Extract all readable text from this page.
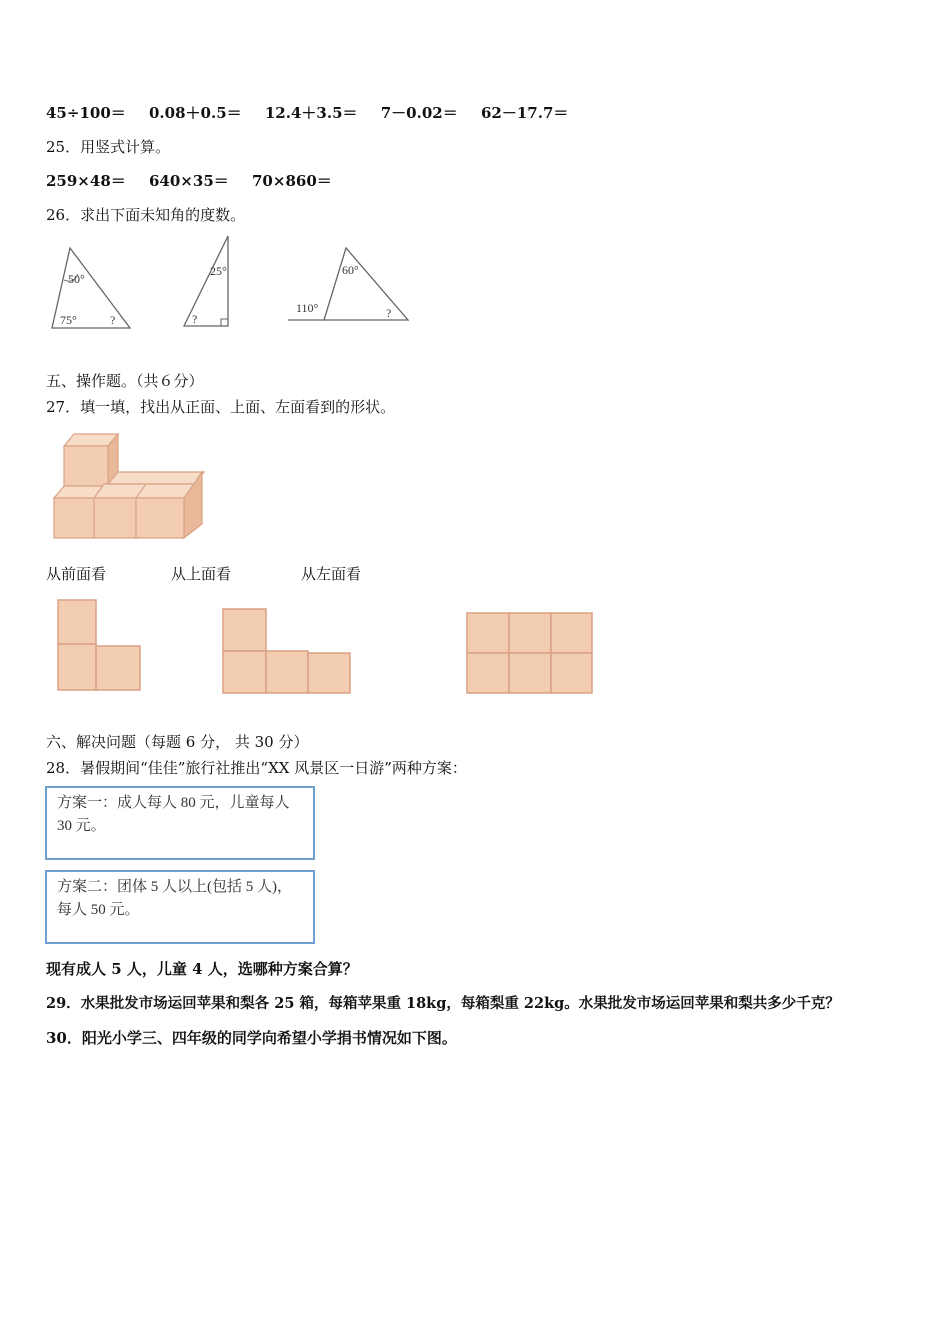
45÷100＝ 0.08＋0.5＝ 12.4＋3.5＝ 7－0.02＝ 62－17.7＝
25．用竖式计算。
259×48＝ 640×35＝ 70×860＝
26．求出下面未知角的度数。
50°
75°	?
25°
?
60°
110°	?
五、操作题。（共６分）
27．填一填，找出从正面、上面、左面看到的形状。
从前面看	从上面看	从左面看
六、解决问题（每题 6 分， 共 30 分）
28．暑假期间“佳佳”旅行社推出“XX 风景区一日游”两种方案：
方案一：成人每人 80 元，儿童每人 30 元。
方案二：团体 5 人以上(包括 5 人)，每人 50 元。
现有成人 5 人，儿童 4 人，选哪种方案合算？
29．水果批发市场运回苹果和梨各 25 箱，每箱苹果重 18kg，每箱梨重 22kg。水果批发市场运回苹果和梨共多少千克？
30．阳光小学三、四年级的同学向希望小学捐书情况如下图。
